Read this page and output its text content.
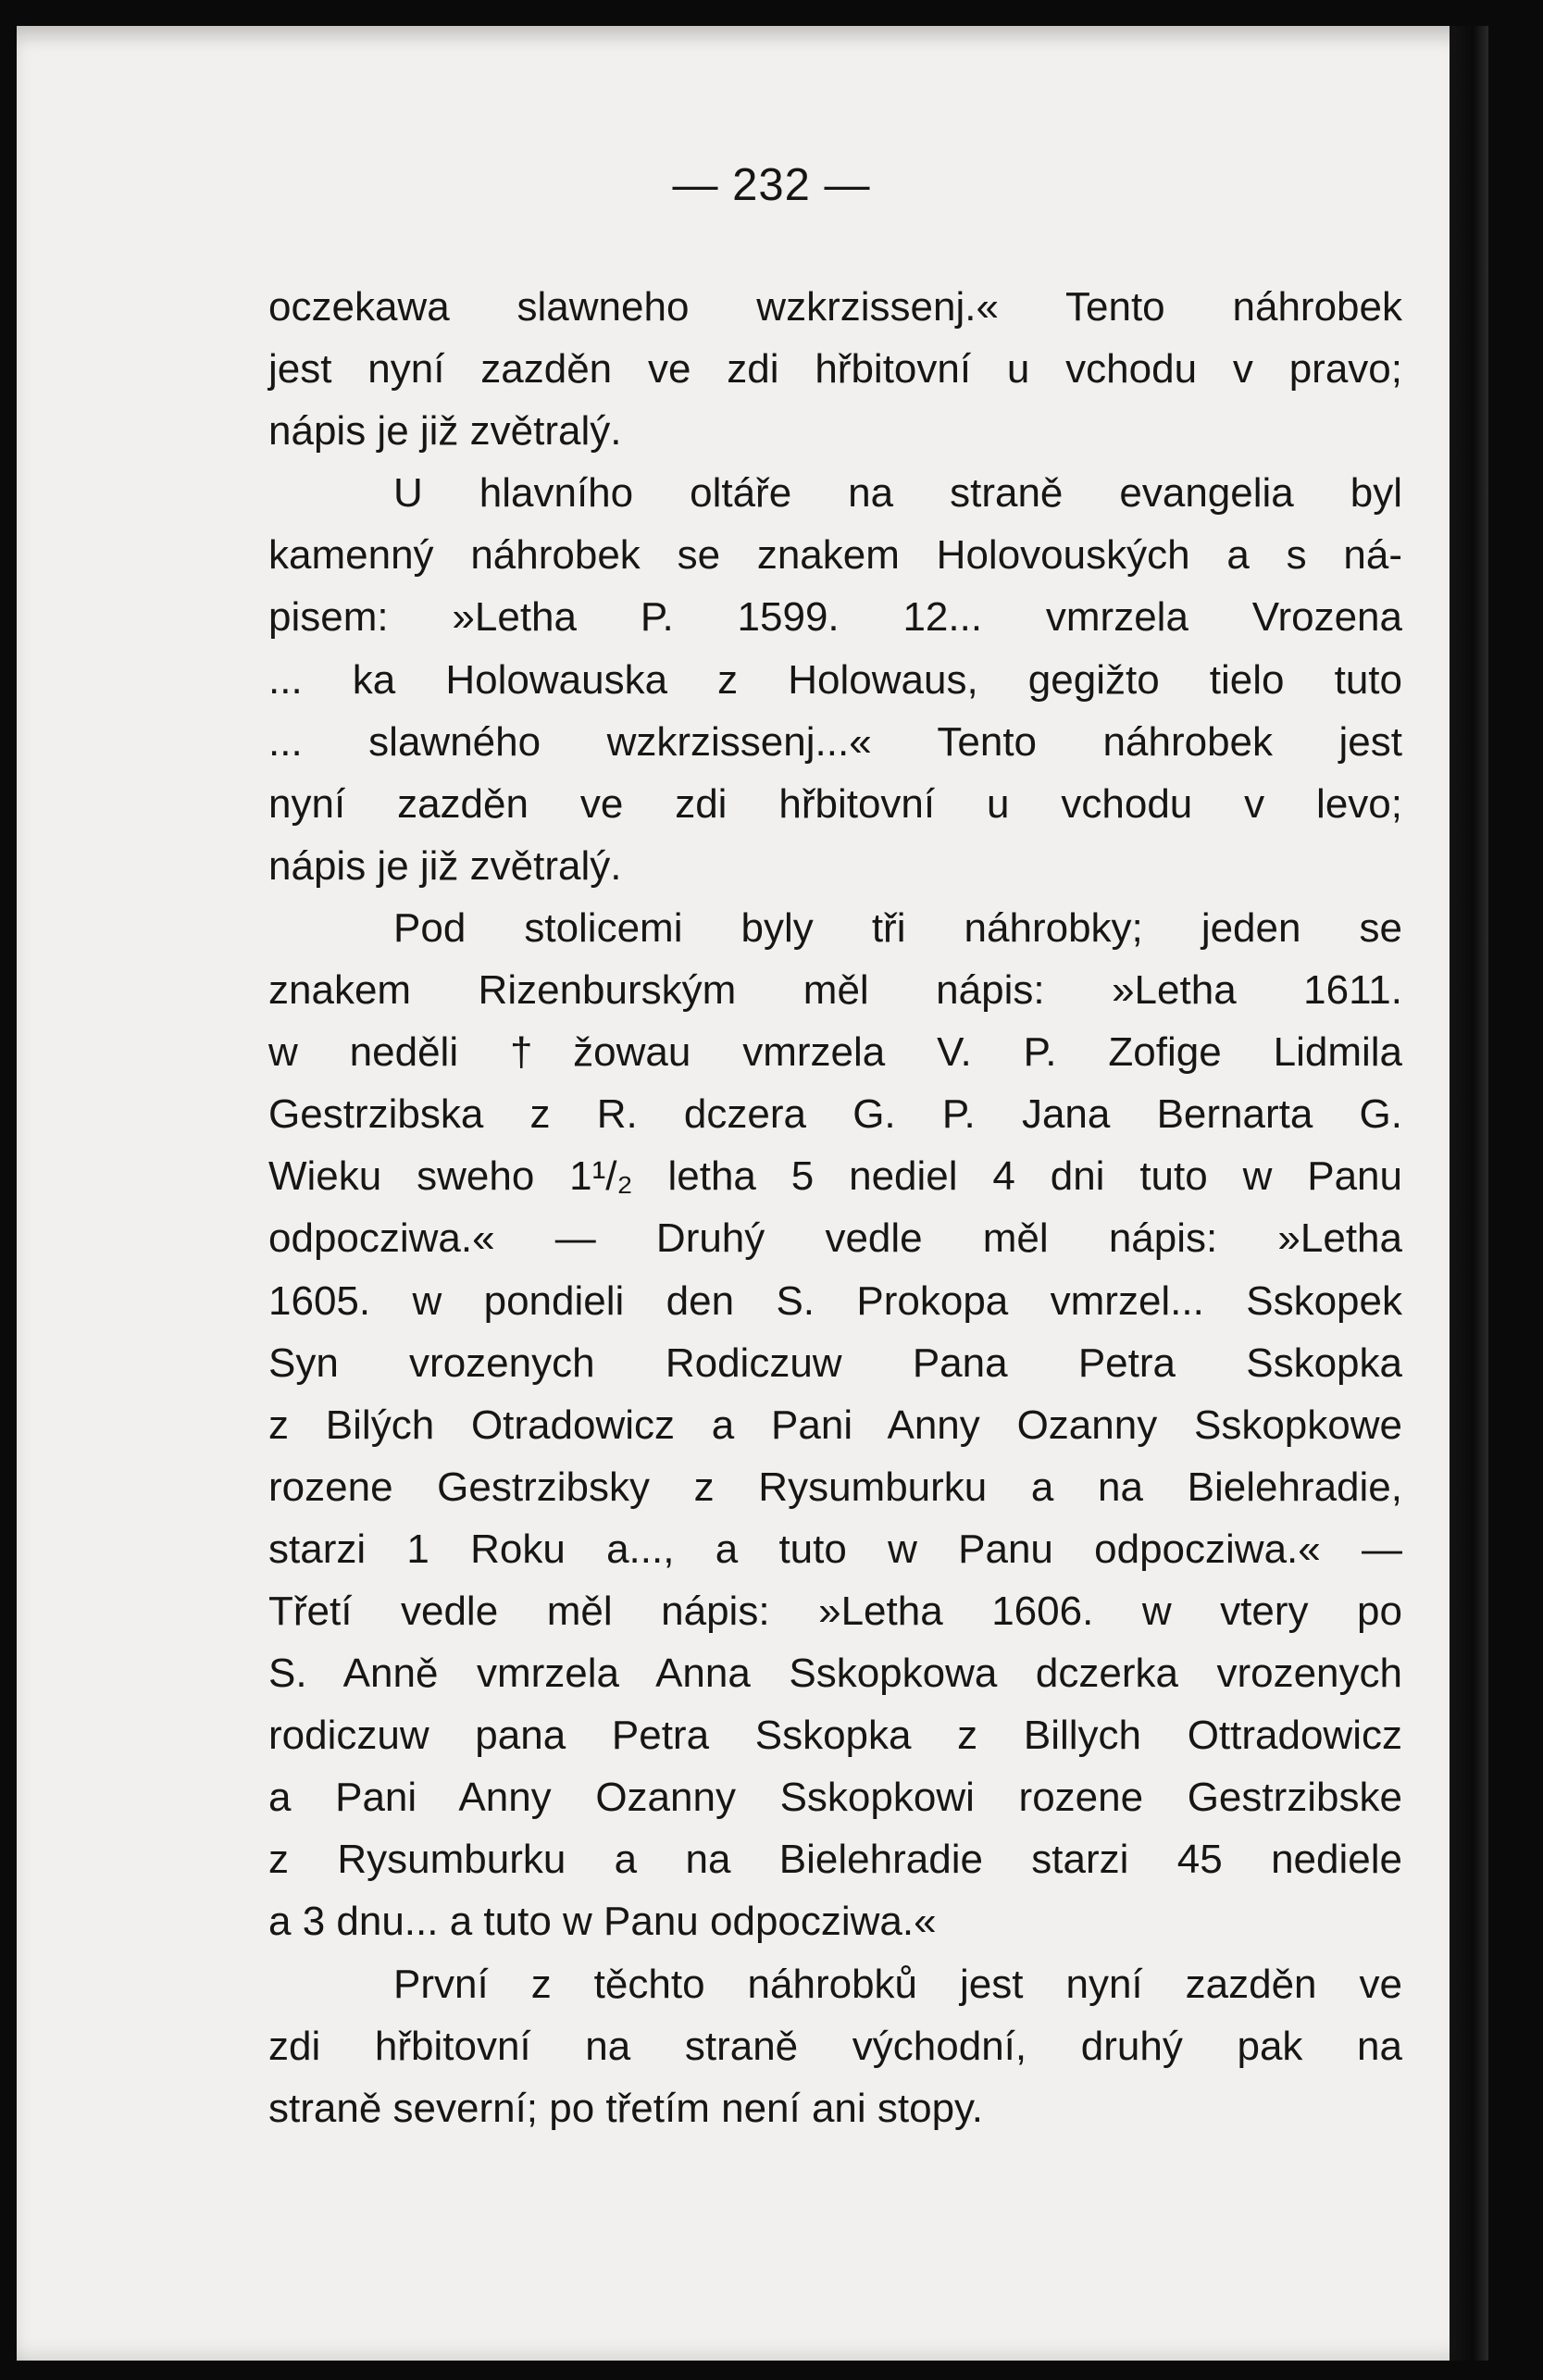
— 232 —
oczekawa slawneho wzkrzissenj.« Tento náhrobek
jest nyní zazděn ve zdi hřbitovní u vchodu v pravo;
nápis je již zvětralý.
U hlavního oltáře na straně evangelia byl
kamenný náhrobek se znakem Holovouských a s ná-
pisem: »Letha P. 1599. 12... vmrzela Vrozena
... ka Holowauska z Holowaus, gegižto tielo tuto
... slawného wzkrzissenj...« Tento náhrobek jest
nyní zazděn ve zdi hřbitovní u vchodu v levo;
nápis je již zvětralý.
Pod stolicemi byly tři náhrobky; jeden se
znakem Rizenburským měl nápis: »Letha 1611.
w neděli †žowau vmrzela V. P. Zofige Lidmila
Gestrzibska z R. dczera G. P. Jana Bernarta G.
Wieku sweho 1¹/₂ letha 5 nediel 4 dni tuto w Panu
odpocziwa.« — Druhý vedle měl nápis: »Letha
1605. w pondieli den S. Prokopa vmrzel... Sskopek
Syn vrozenych Rodiczuw Pana Petra Sskopka
z Bilých Otradowicz a Pani Anny Ozanny Sskopkowe
rozene Gestrzibsky z Rysumburku a na Bielehradie,
starzi 1 Roku a..., a tuto w Panu odpocziwa.« —
Třetí vedle měl nápis: »Letha 1606. w vtery po
S. Anně vmrzela Anna Sskopkowa dczerka vrozenych
rodiczuw pana Petra Sskopka z Billych Ottradowicz
a Pani Anny Ozanny Sskopkowi rozene Gestrzibske
z Rysumburku a na Bielehradie starzi 45 nediele
a 3 dnu... a tuto w Panu odpocziwa.«
První z těchto náhrobků jest nyní zazděn ve
zdi hřbitovní na straně východní, druhý pak na
straně severní; po třetím není ani stopy.
